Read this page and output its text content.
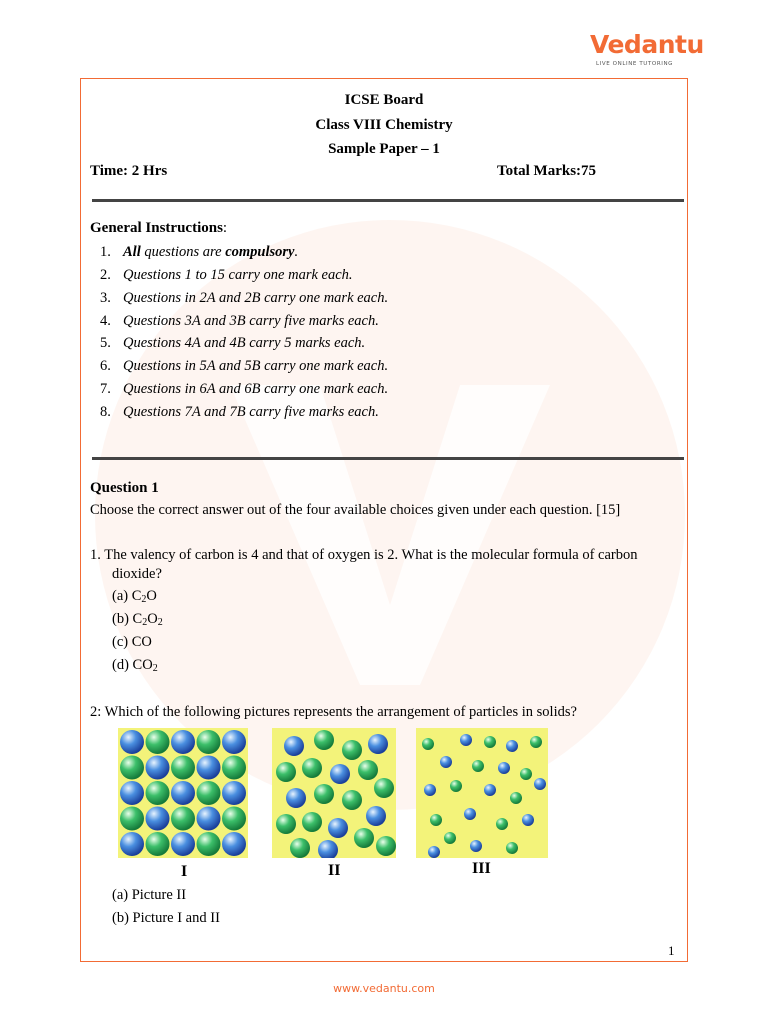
Vedantu
LIVE ONLINE TUTORING
ICSE Board
Class VIII Chemistry
Sample Paper – 1
Time: 2 Hrs	Total Marks:75
General Instructions:
1. All questions are compulsory.
2. Questions 1 to 15 carry one mark each.
3. Questions in 2A and 2B carry one mark each.
4. Questions 3A and 3B carry five marks each.
5. Questions 4A and 4B carry 5 marks each.
6. Questions in 5A and 5B carry one mark each.
7. Questions in 6A and 6B carry one mark each.
8. Questions 7A and 7B carry five marks each.
Question 1
Choose the correct answer out of the four available choices given under each question. [15]
1. The valency of carbon is 4 and that of oxygen is 2. What is the molecular formula of carbon
dioxide?
(a) $C_2O$
(b) $C_2O_2$
(c) CO
(d) $CO_2$
2: Which of the following pictures represents the arrangement of particles in solids?
I	II	III
(a) Picture II
(b) Picture I and II
1
www.vedantu.com
